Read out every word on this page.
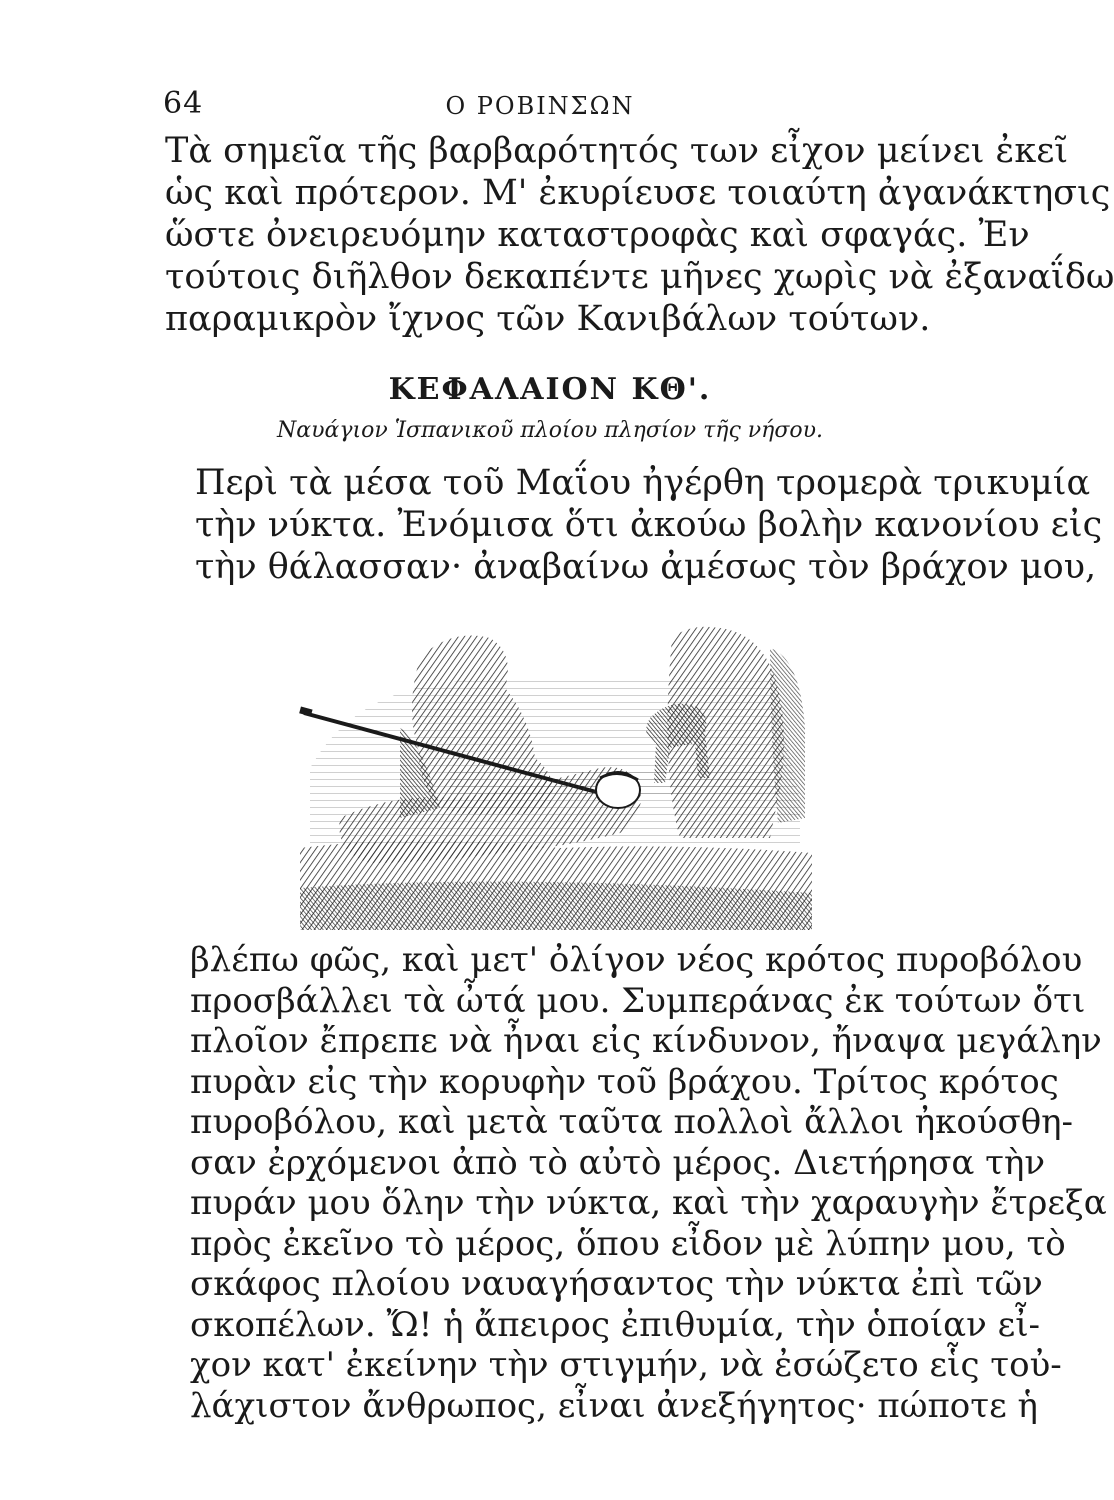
64	Ο ΡΟΒΙΝΣΩΝ

Τὰ σημεῖα τῆς βαρβαρότητός των εἶχον μείνει ἐκεῖ
ὡς καὶ πρότερον. Μ' ἐκυρίευσε τοιαύτη ἀγανάκτησις
ὥστε ὀνειρευόμην καταστροφὰς καὶ σφαγάς. Ἐν
τούτοις διῆλθον δεκαπέντε μῆνες χωρὶς νὰ ἐξαναΐδω
παραμικρὸν ἴχνος τῶν Κανιβάλων τούτων.

ΚΕΦΑΛΑΙΟΝ ΚΘ'.
Ναυάγιον Ἱσπανικοῦ πλοίου πλησίον τῆς νήσου.

Περὶ τὰ μέσα τοῦ Μαΐου ἠγέρθη τρομερὰ τρικυμία
τὴν νύκτα. Ἐνόμισα ὅτι ἀκούω βολὴν κανονίου εἰς
τὴν θάλασσαν· ἀναβαίνω ἀμέσως τὸν βράχον μου,

βλέπω φῶς, καὶ μετ' ὀλίγον νέος κρότος πυροβόλου
προσβάλλει τὰ ὦτά μου. Συμπεράνας ἐκ τούτων ὅτι
πλοῖον ἔπρεπε νὰ ἦναι εἰς κίνδυνον, ἤναψα μεγάλην
πυρὰν εἰς τὴν κορυφὴν τοῦ βράχου. Τρίτος κρότος
πυροβόλου, καὶ μετὰ ταῦτα πολλοὶ ἄλλοι ἠκούσθη-
σαν ἐρχόμενοι ἀπὸ τὸ αὐτὸ μέρος. Διετήρησα τὴν
πυράν μου ὅλην τὴν νύκτα, καὶ τὴν χαραυγὴν ἔτρεξα
πρὸς ἐκεῖνο τὸ μέρος, ὅπου εἶδον μὲ λύπην μου, τὸ
σκάφος πλοίου ναυαγήσαντος τὴν νύκτα ἐπὶ τῶν
σκοπέλων. Ὤ! ἡ ἄπειρος ἐπιθυμία, τὴν ὁποίαν εἶ-
χον κατ' ἐκείνην τὴν στιγμήν, νὰ ἐσώζετο εἷς τοὐ-
λάχιστον ἄνθρωπος, εἶναι ἀνεξήγητος· πώποτε ἡ
